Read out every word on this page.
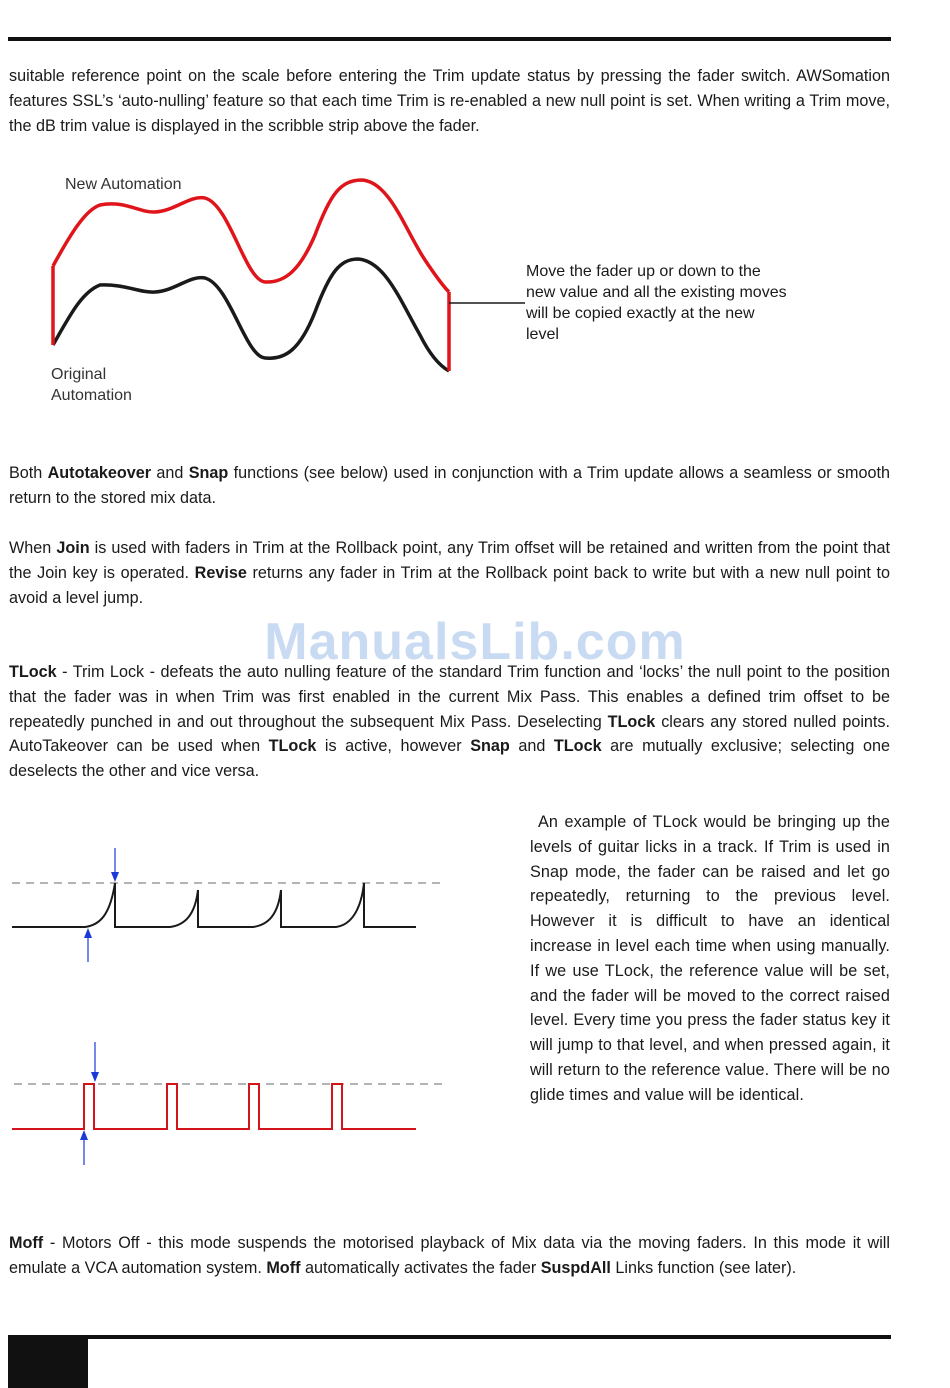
suitable reference point on the scale before entering the Trim update status by pressing the fader switch. AWSomation features SSL’s ‘auto-nulling’ feature so that each time Trim is re-enabled a new null point is set. When writing a Trim move, the dB trim value is displayed in the scribble strip above the fader.

New Automation
Original
Automation
Move the fader up or down to the
new value and all the existing moves
will be copied exactly at the new
level

Both Autotakeover and Snap functions (see below) used in conjunction with a Trim update allows a seamless or smooth return to the stored mix data.

When Join is used with faders in Trim at the Rollback point, any Trim offset will be retained and written from the point that the Join key is operated. Revise returns any fader in Trim at the Rollback point back to write but with a new null point to avoid a level jump.

ManualsLib.com

TLock - Trim Lock - defeats the auto nulling feature of the standard Trim function and ‘locks’ the null point to the position that the fader was in when Trim was first enabled in the current Mix Pass. This enables a defined trim offset to be repeatedly punched in and out throughout the subsequent Mix Pass. Deselecting TLock clears any stored nulled points. AutoTakeover can be used when TLock is active, however Snap and TLock are mutually exclusive; selecting one deselects the other and vice versa.

An example of TLock would be bringing up the levels of guitar licks in a track. If Trim is used in Snap mode, the fader can be raised and let go repeatedly, returning to the previous level. However it is difficult to have an identical increase in level each time when using manually. If we use TLock, the reference value will be set, and the fader will be moved to the correct raised level. Every time you press the fader status key it will jump to that level, and when pressed again, it will return to the reference value. There will be no glide times and value will be identical.

Moff - Motors Off - this mode suspends the motorised playback of Mix data via the moving faders. In this mode it will emulate a VCA automation system. Moff automatically activates the fader SuspdAll Links function (see later).
